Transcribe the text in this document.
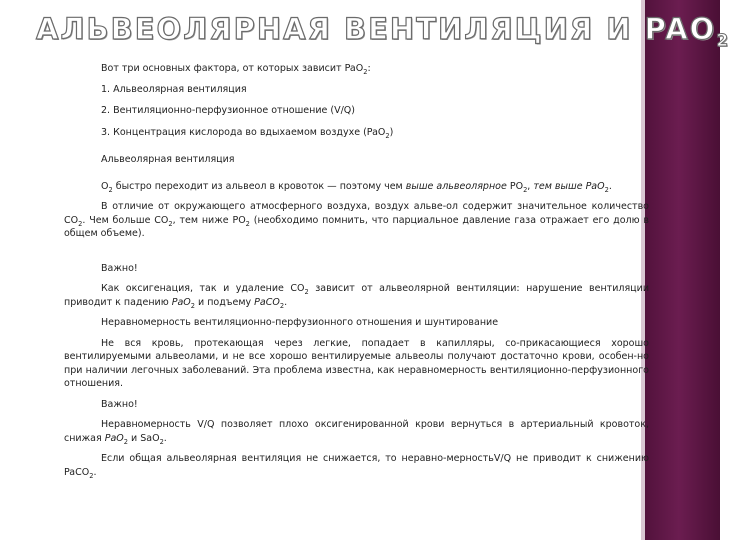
АЛЬВЕОЛЯРНАЯ ВЕНТИЛЯЦИЯ И $PAO_2$

Вот три основных фактора, от которых зависит PaO$_2$:

1. Альвеолярная вентиляция

2. Вентиляционно-перфузионное отношение (V/Q)

3. Концентрация кислорода во вдыхаемом воздухе (PaO$_2$)

Альвеолярная вентиляция

$O_2$ быстро переходит из альвеол в кровоток — поэтому чем выше альвеолярное $PO_2$, тем выше PaO$_2$.

В отличие от окружающего атмосферного воздуха, воздух альве-ол содержит значительное количество $CO_2$. Чем больше $CO_2$, тем ниже $PO_2$ (необходимо помнить, что парциальное давление газа отражает его долю в общем объеме).

Важно!

Как оксигенация, так и удаление $CO_2$ зависит от альвеолярной вентиляции: нарушение вентиляции приводит к падению PaO$_2$ и подъему PaCO$_2$.

Неравномерность вентиляционно-перфузионного отношения и шунтирование

Не вся кровь, протекающая через легкие, попадает в капилляры, со-прикасающиеся хорошо вентилируемыми альвеолами, и не все хорошо вентилируемые альвеолы получают достаточно крови, особен-но при наличии легочных заболеваний. Эта проблема известна, как неравномерность вентиляционно-перфузионного отношения.

Важно!

Неравномерность V/Q позволяет плохо оксигенированной крови вернуться в артериальный кровоток, снижая PaO$_2$ и SaO$_2$.

Если общая альвеолярная вентиляция не снижается, то неравно-мерностьV/Q не приводит к снижению PaCO$_2$.
